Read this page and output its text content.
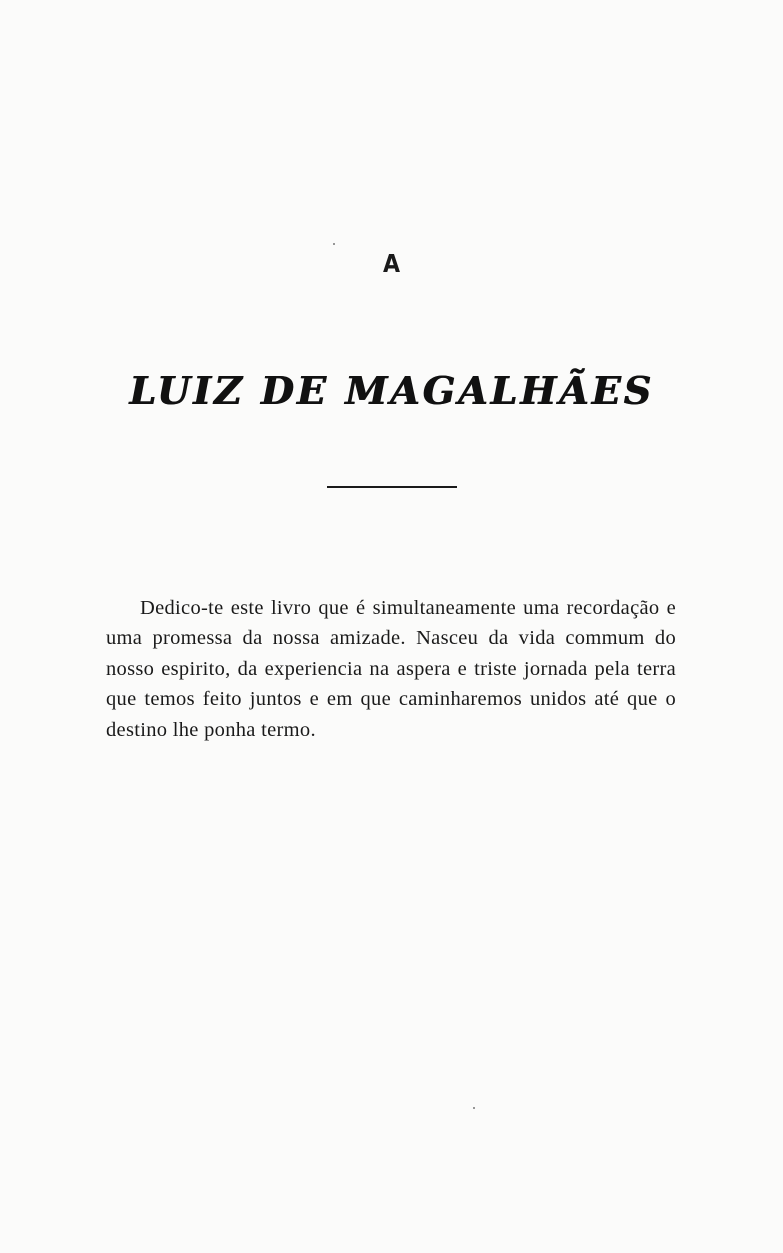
A
LUIZ DE MAGALHÃES

Dedico-te este livro que é simultaneamente uma recordação e uma promessa da nossa amizade. Nasceu da vida commum do nosso espirito, da experiencia na aspera e triste jornada pela terra que temos feito juntos e em que caminharemos unidos até que o destino lhe ponha termo.
